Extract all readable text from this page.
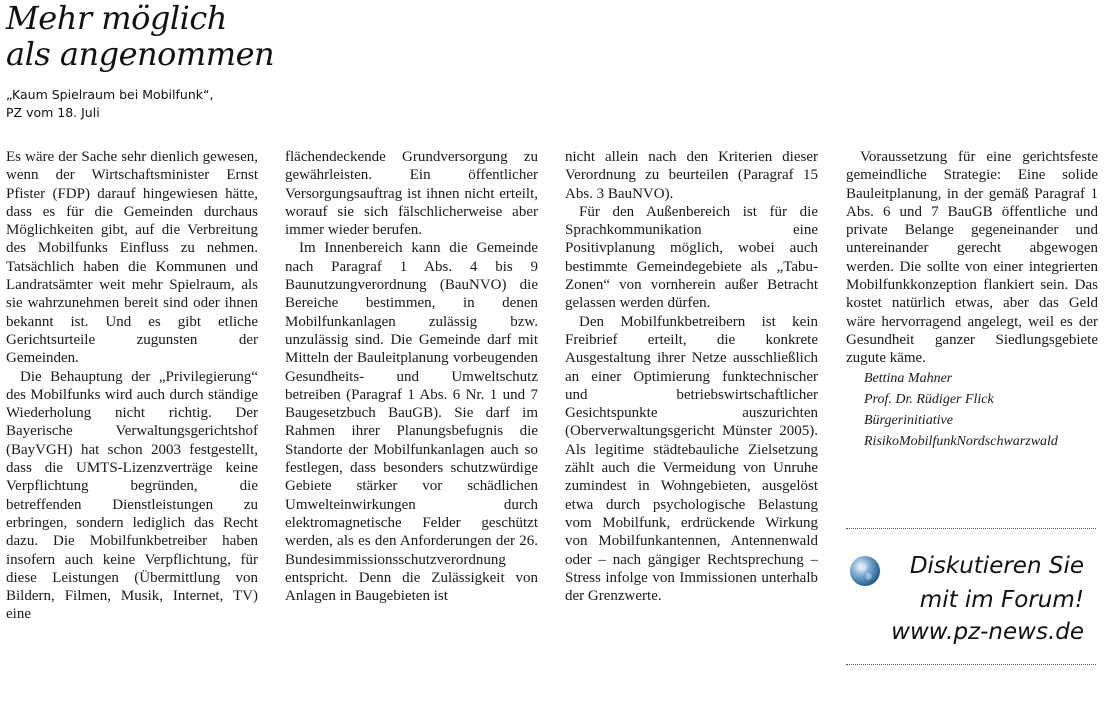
Mehr möglich
als angenommen
„Kaum Spielraum bei Mobilfunk“,
PZ vom 18. Juli

Es wäre der Sache sehr dienlich gewesen, wenn der Wirtschaftsminister Ernst Pfister (FDP) darauf hingewiesen hätte, dass es für die Gemeinden durchaus Möglichkeiten gibt, auf die Verbreitung des Mobilfunks Einfluss zu nehmen. Tatsächlich haben die Kommunen und Landratsämter weit mehr Spielraum, als sie wahrzunehmen bereit sind oder ihnen bekannt ist. Und es gibt etliche Gerichtsurteile zugunsten der Gemeinden.

Die Behauptung der „Privilegierung“ des Mobilfunks wird auch durch ständige Wiederholung nicht richtig. Der Bayerische Verwaltungsgerichtshof (BayVGH) hat schon 2003 festgestellt, dass die UMTS-Lizenzverträge keine Verpflichtung begründen, die betreffenden Dienstleistungen zu erbringen, sondern lediglich das Recht dazu. Die Mobilfunkbetreiber haben insofern auch keine Verpflichtung, für diese Leistungen (Übermittlung von Bildern, Filmen, Musik, Internet, TV) eine

flächendeckende Grundversorgung zu gewährleisten. Ein öffentlicher Versorgungsauftrag ist ihnen nicht erteilt, worauf sie sich fälschlicherweise aber immer wieder berufen.

Im Innenbereich kann die Gemeinde nach Paragraf 1 Abs. 4 bis 9 Baunutzungverordnung (BauNVO) die Bereiche bestimmen, in denen Mobilfunkanlagen zulässig bzw. unzulässig sind. Die Gemeinde darf mit Mitteln der Bauleitplanung vorbeugenden Gesundheits- und Umweltschutz betreiben (Paragraf 1 Abs. 6 Nr. 1 und 7 Baugesetzbuch BauGB). Sie darf im Rahmen ihrer Planungsbefugnis die Standorte der Mobilfunkanlagen auch so festlegen, dass besonders schutzwürdige Gebiete stärker vor schädlichen Umwelteinwirkungen durch elektromagnetische Felder geschützt werden, als es den Anforderungen der 26. Bundesimmissionsschutzverordnung entspricht. Denn die Zulässigkeit von Anlagen in Baugebieten ist

nicht allein nach den Kriterien dieser Verordnung zu beurteilen (Paragraf 15 Abs. 3 BauNVO).

Für den Außenbereich ist für die Sprachkommunikation eine Positivplanung möglich, wobei auch bestimmte Gemeindegebiete als „Tabu-Zonen“ von vornherein außer Betracht gelassen werden dürfen.

Den Mobilfunkbetreibern ist kein Freibrief erteilt, die konkrete Ausgestaltung ihrer Netze ausschließlich an einer Optimierung funktechnischer und betriebswirtschaftlicher Gesichtspunkte auszurichten (Oberverwaltungsgericht Münster 2005). Als legitime städtebauliche Zielsetzung zählt auch die Vermeidung von Unruhe zumindest in Wohngebieten, ausgelöst etwa durch psychologische Belastung vom Mobilfunk, erdrückende Wirkung von Mobilfunkantennen, Antennenwald oder – nach gängiger Rechtsprechung – Stress infolge von Immissionen unterhalb der Grenzwerte.

Voraussetzung für eine gerichtsfeste gemeindliche Strategie: Eine solide Bauleitplanung, in der gemäß Paragraf 1 Abs. 6 und 7 BauGB öffentliche und private Belange gegeneinander und untereinander gerecht abgewogen werden. Die sollte von einer integrierten Mobilfunkkonzeption flankiert sein. Das kostet natürlich etwas, aber das Geld wäre hervorragend angelegt, weil es der Gesundheit ganzer Siedlungsgebiete zugute käme.

Bettina Mahner
Prof. Dr. Rüdiger Flick
Bürgerinitiative
RisikoMobilfunkNordschwarzwald
Diskutieren Sie
mit im Forum!
www.pz-news.de
